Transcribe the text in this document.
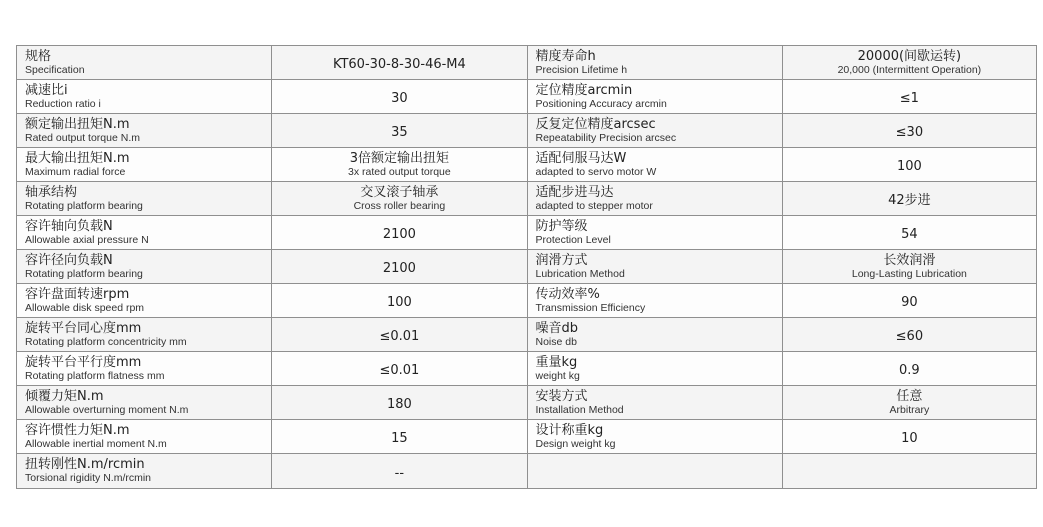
规格
Specification	KT60-30-8-30-46-M4	精度寿命h
Precision Lifetime h	20000(间歇运转)
20,000 (Intermittent Operation)

减速比i
Reduction ratio i	30	定位精度arcmin
Positioning Accuracy arcmin	≤1

额定输出扭矩N.m
Rated output torque N.m	35	反复定位精度arcsec
Repeatability Precision arcsec	≤30

最大输出扭矩N.m
Maximum radial force	3倍额定输出扭矩
3x rated output torque	适配伺服马达W
adapted to servo motor W	100

轴承结构
Rotating platform bearing	交叉滚子轴承
Cross roller bearing	适配步进马达
adapted to stepper motor	42步进

容许轴向负载N
Allowable axial pressure N	2100	防护等级
Protection Level	54

容许径向负载N
Rotating platform bearing	2100	润滑方式
Lubrication Method	长效润滑
Long-Lasting Lubrication

容许盘面转速rpm
Allowable disk speed rpm	100	传动效率%
Transmission Efficiency	90

旋转平台同心度mm
Rotating platform concentricity mm	≤0.01	噪音db
Noise db	≤60

旋转平台平行度mm
Rotating platform flatness mm	≤0.01	重量kg
weight kg	0.9

倾覆力矩N.m
Allowable overturning moment N.m	180	安装方式
Installation Method	任意
Arbitrary

容许惯性力矩N.m
Allowable inertial moment N.m	15	设计称重kg
Design weight kg	10

扭转刚性N.m/rcmin
Torsional rigidity N.m/rcmin	--		
